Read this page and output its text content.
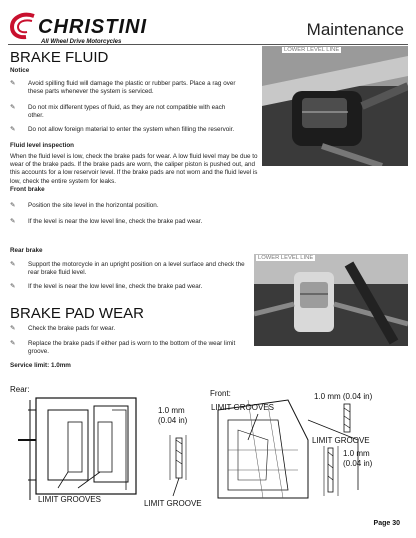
CHRISTINI
All Wheel Drive Motorcycles
Maintenance
BRAKE FLUID
Notice
✎ Avoid spilling fluid will damage the plastic or rubber parts. Place a rag over these parts whenever the system is serviced.
✎ Do not mix different types of fluid, as they are not compatible with each other.
✎ Do not allow foreign material to enter the system when filling the reservoir.
Fluid level inspection
When the fluid level is low, check the brake pads for wear. A low fluid level may be due to wear of the brake pads. If the brake pads are worn, the caliper piston is pushed out, and this accounts for a low reservoir level. If the brake pads are not worn and the fluid level is low, check the entire system for leaks.
Front brake
✎ Position the site level in the horizontal position.
✎ If the level is near the low level line, check the brake pad wear.
Rear brake
✎ Support the motorcycle in an upright position on a level surface and check the rear brake fluid level.
✎ If the level is near the low level line, check the brake pad wear.
LOWER LEVEL LINE
LOWER LEVEL LINE
BRAKE PAD WEAR
✎ Check the brake pads for wear.
✎ Replace the brake pads if either pad is worn to the bottom of the wear limit groove.
Service limit: 1.0mm
Rear:
1.0 mm
(0.04 in)
LIMIT GROOVES	LIMIT GROOVE
Front:	1.0 mm (0.04 in)
LIMIT GROOVES
LIMIT GROOVE
1.0 mm
(0.04 in)
Page 30
